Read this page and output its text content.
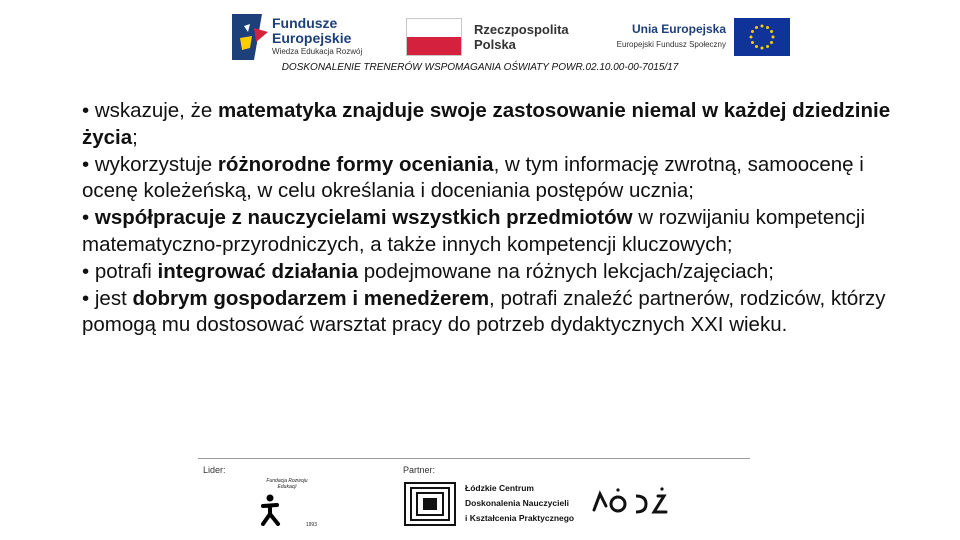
Fundusze
Europejskie
Wiedza Edukacja Rozwój
Rzeczpospolita
Polska
Unia Europejska
Europejski Fundusz Społeczny
DOSKONALENIE TRENERÓW WSPOMAGANIA OŚWIATY POWR.02.10.00-00-7015/17

• wskazuje, że matematyka znajduje swoje zastosowanie niemal w każdej dziedzinie życia;

• wykorzystuje różnorodne formy oceniania, w tym informację zwrotną, samoocenę i ocenę koleżeńską, w celu określania i doceniania postępów ucznia;

• współpracuje z nauczycielami wszystkich przedmiotów w rozwijaniu kompetencji matematyczno-przyrodniczych, a także innych kompetencji kluczowych;

• potrafi integrować działania podejmowane na różnych lekcjach/zajęciach;

• jest dobrym gospodarzem i menedżerem, potrafi znaleźć partnerów, rodziców, którzy pomogą mu dostosować warsztat pracy do potrzeb dydaktycznych XXI wieku.

Lider:	Partner:
Fundacja Rozwoju Edukacji
1993
Łódzkie Centrum
Doskonalenia Nauczycieli
i Kształcenia Praktycznego
